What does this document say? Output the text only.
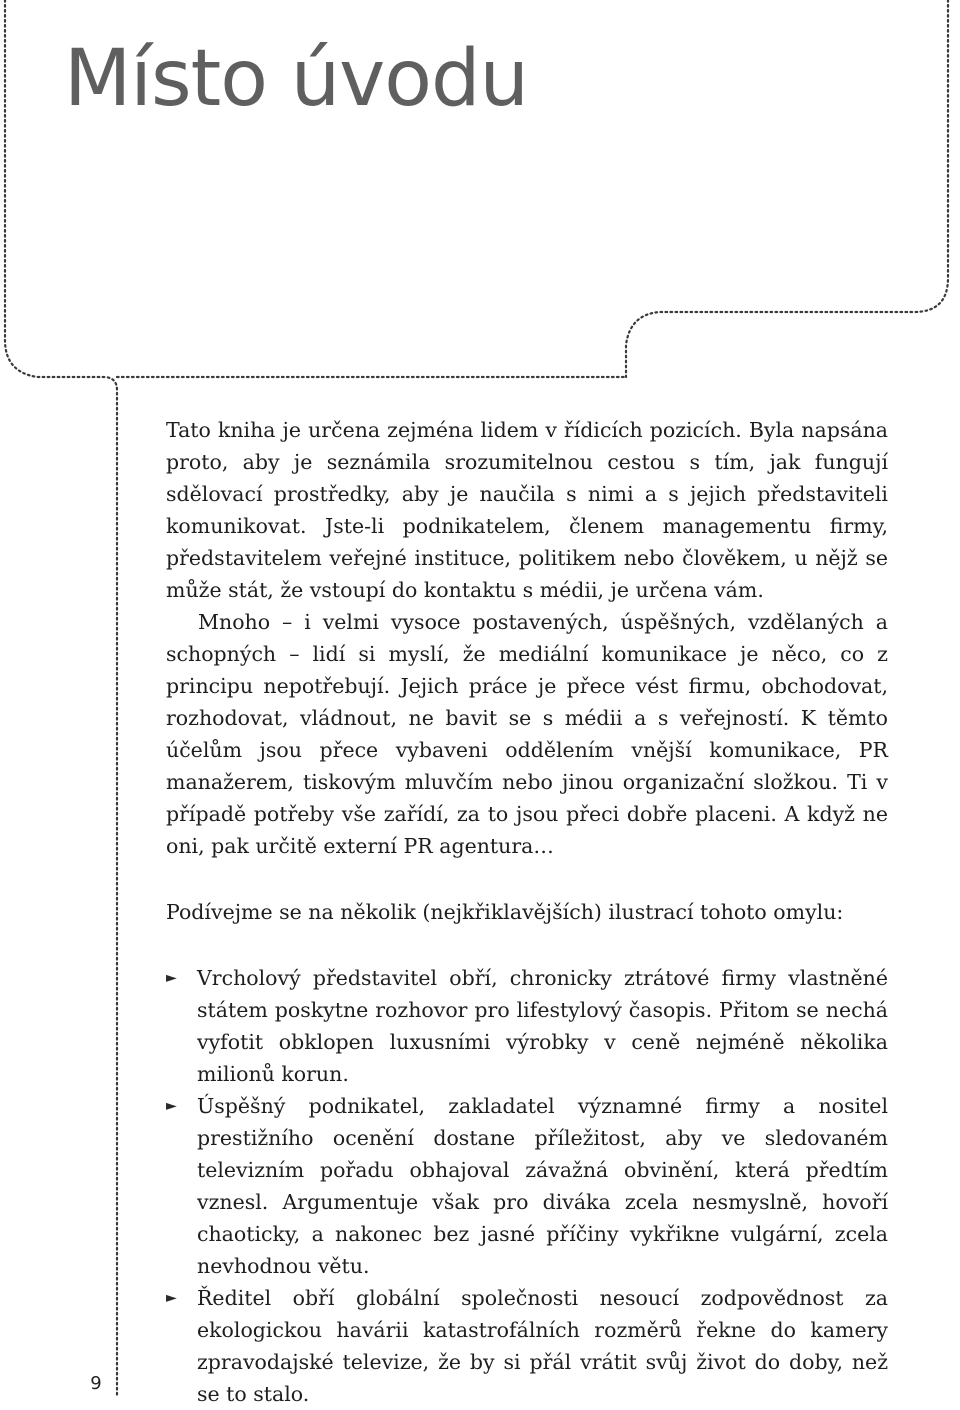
Místo úvodu

Tato kniha je určena zejména lidem v řídicích pozicích. Byla napsána proto, aby je seznámila srozumitelnou cestou s tím, jak fungují sdělovací prostředky, aby je naučila s nimi a s jejich představiteli komunikovat. Jste-li podnikatelem, členem managementu firmy, představitelem veřejné instituce, politikem nebo člověkem, u nějž se může stát, že vstoupí do kontaktu s médii, je určena vám.

Mnoho – i velmi vysoce postavených, úspěšných, vzdělaných a schopných – lidí si myslí, že mediální komunikace je něco, co z principu nepotřebují. Jejich práce je přece vést firmu, obchodovat, rozhodovat, vládnout, ne bavit se s médii a s veřejností. K těmto účelům jsou přece vybaveni oddělením vnější komunikace, PR manažerem, tiskovým mluvčím nebo jinou organizační složkou. Ti v případě potřeby vše zařídí, za to jsou přeci dobře placeni. A když ne oni, pak určitě externí PR agentura…

Podívejme se na několik (nejkřiklavějších) ilustrací tohoto omylu:

► Vrcholový představitel obří, chronicky ztrátové firmy vlastněné státem poskytne rozhovor pro lifestylový časopis. Přitom se nechá vyfotit obklopen luxusními výrobky v ceně nejméně několika milionů korun.
► Úspěšný podnikatel, zakladatel významné firmy a nositel prestižního ocenění dostane příležitost, aby ve sledovaném televizním pořadu obhajoval závažná obvinění, která předtím vznesl. Argumentuje však pro diváka zcela nesmyslně, hovoří chaoticky, a nakonec bez jasné příčiny vykřikne vulgární, zcela nevhodnou větu.
► Ředitel obří globální společnosti nesoucí zodpovědnost za ekologickou havárii katastrofálních rozměrů řekne do kamery zpravodajské televize, že by si přál vrátit svůj život do doby, než se to stalo.
9
